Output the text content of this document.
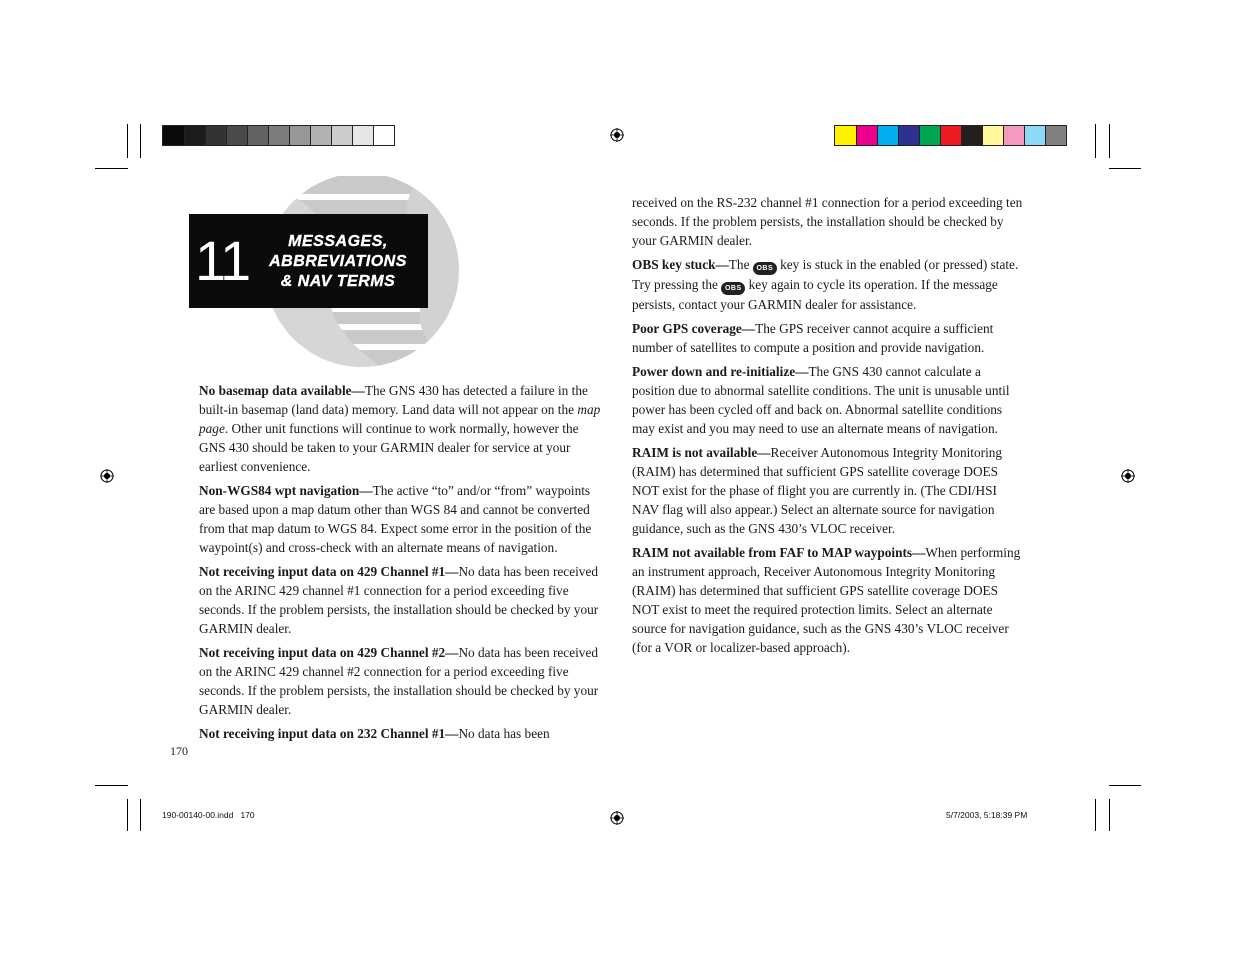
11	MESSAGES,
ABBREVIATIONS
& NAV TERMS

No basemap data available—The GNS 430 has detected a failure in the built-in basemap (land data) memory. Land data will not appear on the map page. Other unit functions will continue to work normally, however the GNS 430 should be taken to your GARMIN dealer for service at your earliest convenience.

Non-WGS84 wpt navigation—The active “to” and/or “from” waypoints are based upon a map datum other than WGS 84 and cannot be converted from that map datum to WGS 84. Expect some error in the position of the waypoint(s) and cross-check with an alternate means of navigation.

Not receiving input data on 429 Channel #1—No data has been received on the ARINC 429 channel #1 connection for a period exceeding five seconds. If the problem persists, the installation should be checked by your GARMIN dealer.

Not receiving input data on 429 Channel #2—No data has been received on the ARINC 429 channel #2 connection for a period exceeding five seconds. If the problem persists, the installation should be checked by your GARMIN dealer.

Not receiving input data on 232 Channel #1—No data has been

received on the RS-232 channel #1 connection for a period exceeding ten seconds. If the problem persists, the installation should be checked by your GARMIN dealer.

OBS key stuck—The OBS key is stuck in the enabled (or pressed) state. Try pressing the OBS key again to cycle its operation. If the message persists, contact your GARMIN dealer for assistance.

Poor GPS coverage—The GPS receiver cannot acquire a sufficient number of satellites to compute a position and provide navigation.

Power down and re-initialize—The GNS 430 cannot calculate a position due to abnormal satellite conditions. The unit is unusable until power has been cycled off and back on. Abnormal satellite conditions may exist and you may need to use an alternate means of navigation.

RAIM is not available—Receiver Autonomous Integrity Monitoring (RAIM) has determined that sufficient GPS satellite coverage DOES NOT exist for the phase of flight you are currently in. (The CDI/HSI NAV flag will also appear.) Select an alternate source for navigation guidance, such as the GNS 430’s VLOC receiver.

RAIM not available from FAF to MAP waypoints—When performing an instrument approach, Receiver Autonomous Integrity Monitoring (RAIM) has determined that sufficient GPS satellite coverage DOES NOT exist to meet the required protection limits. Select an alternate source for navigation guidance, such as the GNS 430’s VLOC receiver (for a VOR or localizer-based approach).

170
190-00140-00.indd   170	5/7/2003, 5:18:39 PM
